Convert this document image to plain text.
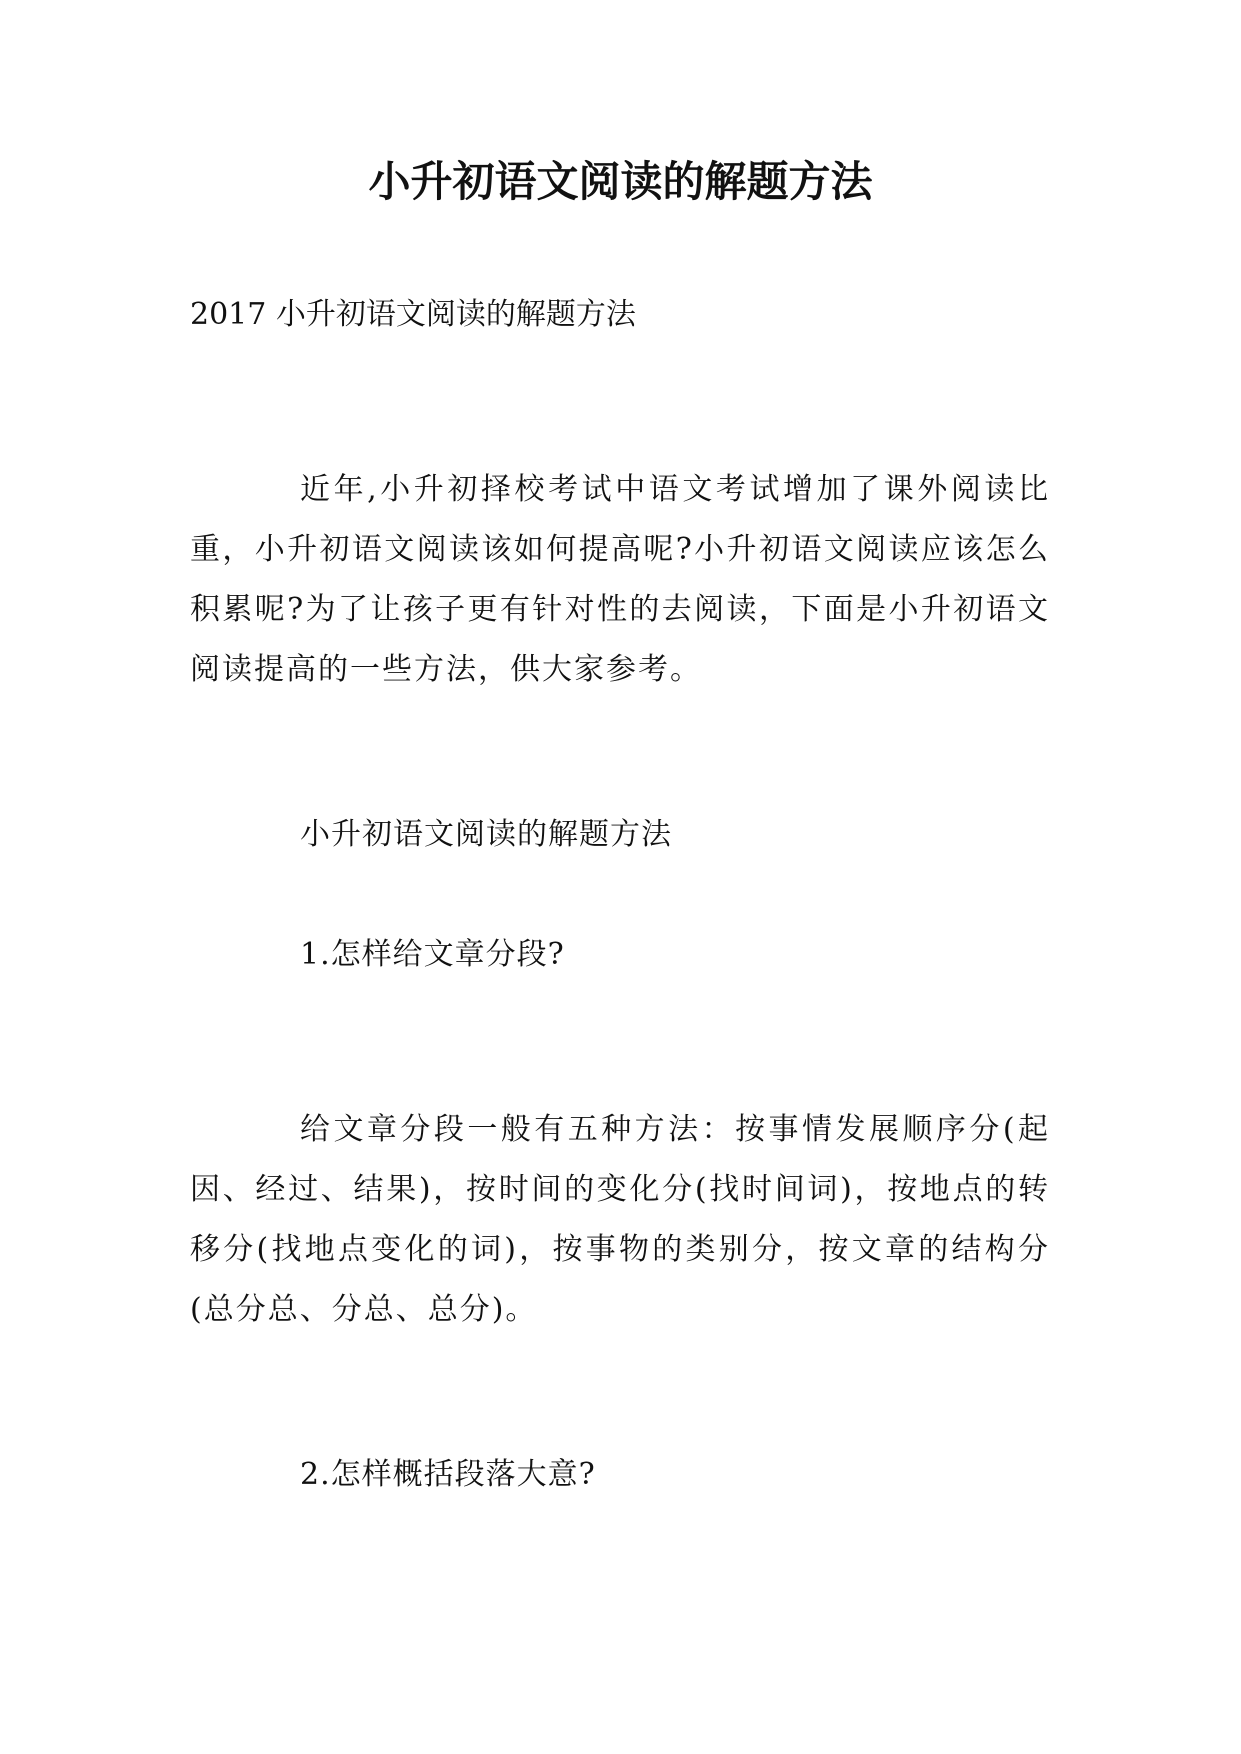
小升初语文阅读的解题方法
2017 小升初语文阅读的解题方法
近年,小升初择校考试中语文考试增加了课外阅读比重，小升初语文阅读该如何提高呢?小升初语文阅读应该怎么积累呢?为了让孩子更有针对性的去阅读，下面是小升初语文阅读提高的一些方法，供大家参考。
小升初语文阅读的解题方法
1.怎样给文章分段?
给文章分段一般有五种方法：按事情发展顺序分(起因、经过、结果)，按时间的变化分(找时间词)，按地点的转移分(找地点变化的词)，按事物的类别分，按文章的结构分(总分总、分总、总分)。
2.怎样概括段落大意?
